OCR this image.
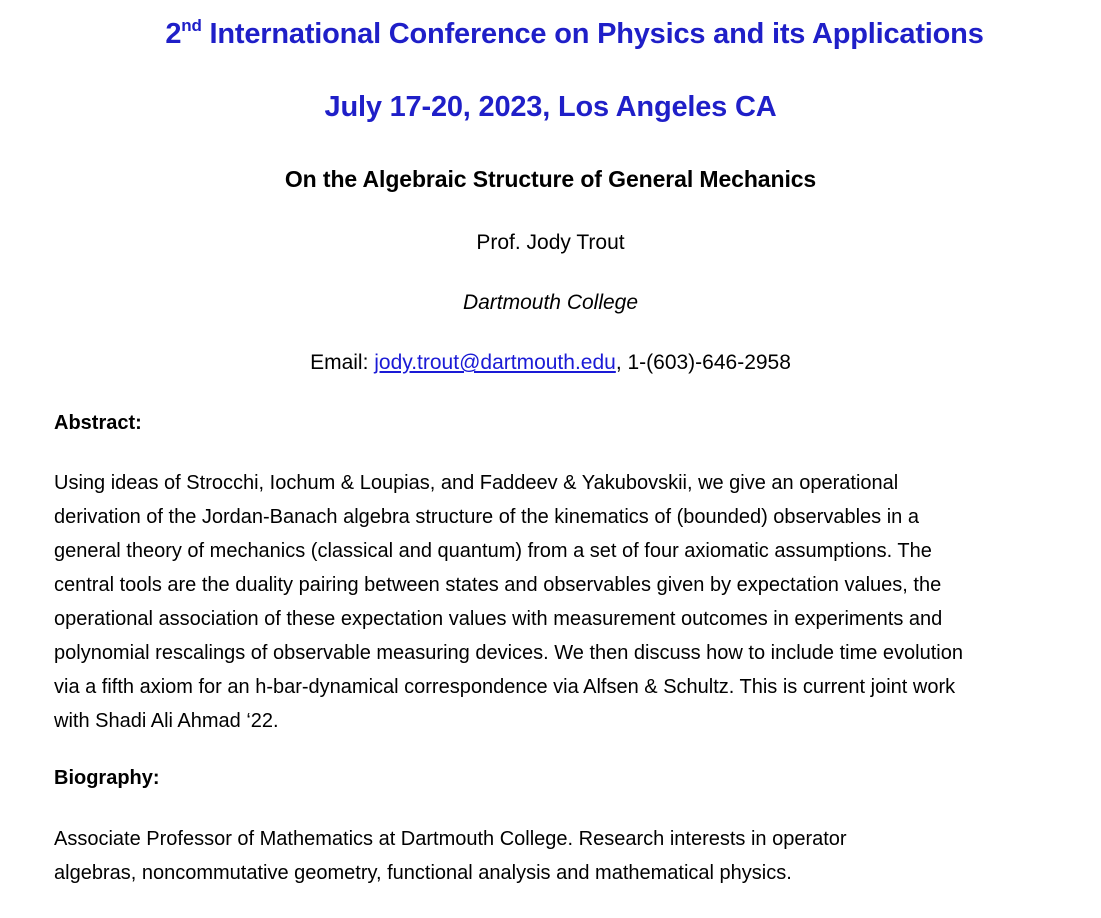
2nd International Conference on Physics and its Applications
July 17-20, 2023, Los Angeles CA
On the Algebraic Structure of General Mechanics
Prof. Jody Trout
Dartmouth College
Email: jody.trout@dartmouth.edu, 1-(603)-646-2958
Abstract:
Using ideas of Strocchi, Iochum & Loupias, and Faddeev & Yakubovskii, we give an operational
derivation of the Jordan-Banach algebra structure of the kinematics of (bounded) observables in a
general theory of mechanics (classical and quantum) from a set of four axiomatic assumptions. The
central tools are the duality pairing between states and observables given by expectation values, the
operational association of these expectation values with measurement outcomes in experiments and
polynomial rescalings of observable measuring devices. We then discuss how to include time evolution
via a fifth axiom for an h-bar-dynamical correspondence via Alfsen & Schultz. This is current joint work
with Shadi Ali Ahmad ‘22.
Biography:
Associate Professor of Mathematics at Dartmouth College. Research interests in operator
algebras, noncommutative geometry, functional analysis and mathematical physics.
